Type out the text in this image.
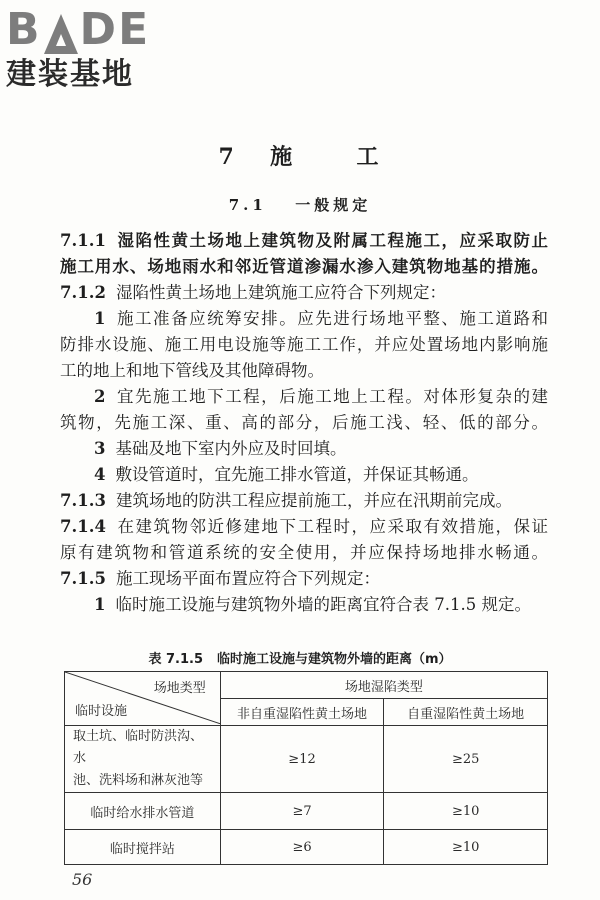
B DE
建装基地
7 施	工
7.1 一般规定
7.1.1 湿陷性黄土场地上建筑物及附属工程施工，应采取防止
施工用水、场地雨水和邻近管道渗漏水渗入建筑物地基的措施。
7.1.2 湿陷性黄土场地上建筑施工应符合下列规定：
1 施工准备应统筹安排。应先进行场地平整、施工道路和
防排水设施、施工用电设施等施工工作，并应处置场地内影响施
工的地上和地下管线及其他障碍物。
2 宜先施工地下工程，后施工地上工程。对体形复杂的建
筑物，先施工深、重、高的部分，后施工浅、轻、低的部分。
3 基础及地下室内外应及时回填。
4 敷设管道时，宜先施工排水管道，并保证其畅通。
7.1.3 建筑场地的防洪工程应提前施工，并应在汛期前完成。
7.1.4 在建筑物邻近修建地下工程时，应采取有效措施，保证
原有建筑物和管道系统的安全使用，并应保持场地排水畅通。
7.1.5 施工现场平面布置应符合下列规定：
1 临时施工设施与建筑物外墙的距离宜符合表 7.1.5 规定。
表 7.1.5 临时施工设施与建筑物外墙的距离（m）
场地类型
临时设施	场地湿陷类型	
	非自重湿陷性黄土场地	自重湿陷性黄土场地

取土坑、临时防洪沟、水
池、洗料场和淋灰池等	≥12	≥25
临时给水排水管道	≥7	≥10
临时搅拌站	≥6	≥10
56
